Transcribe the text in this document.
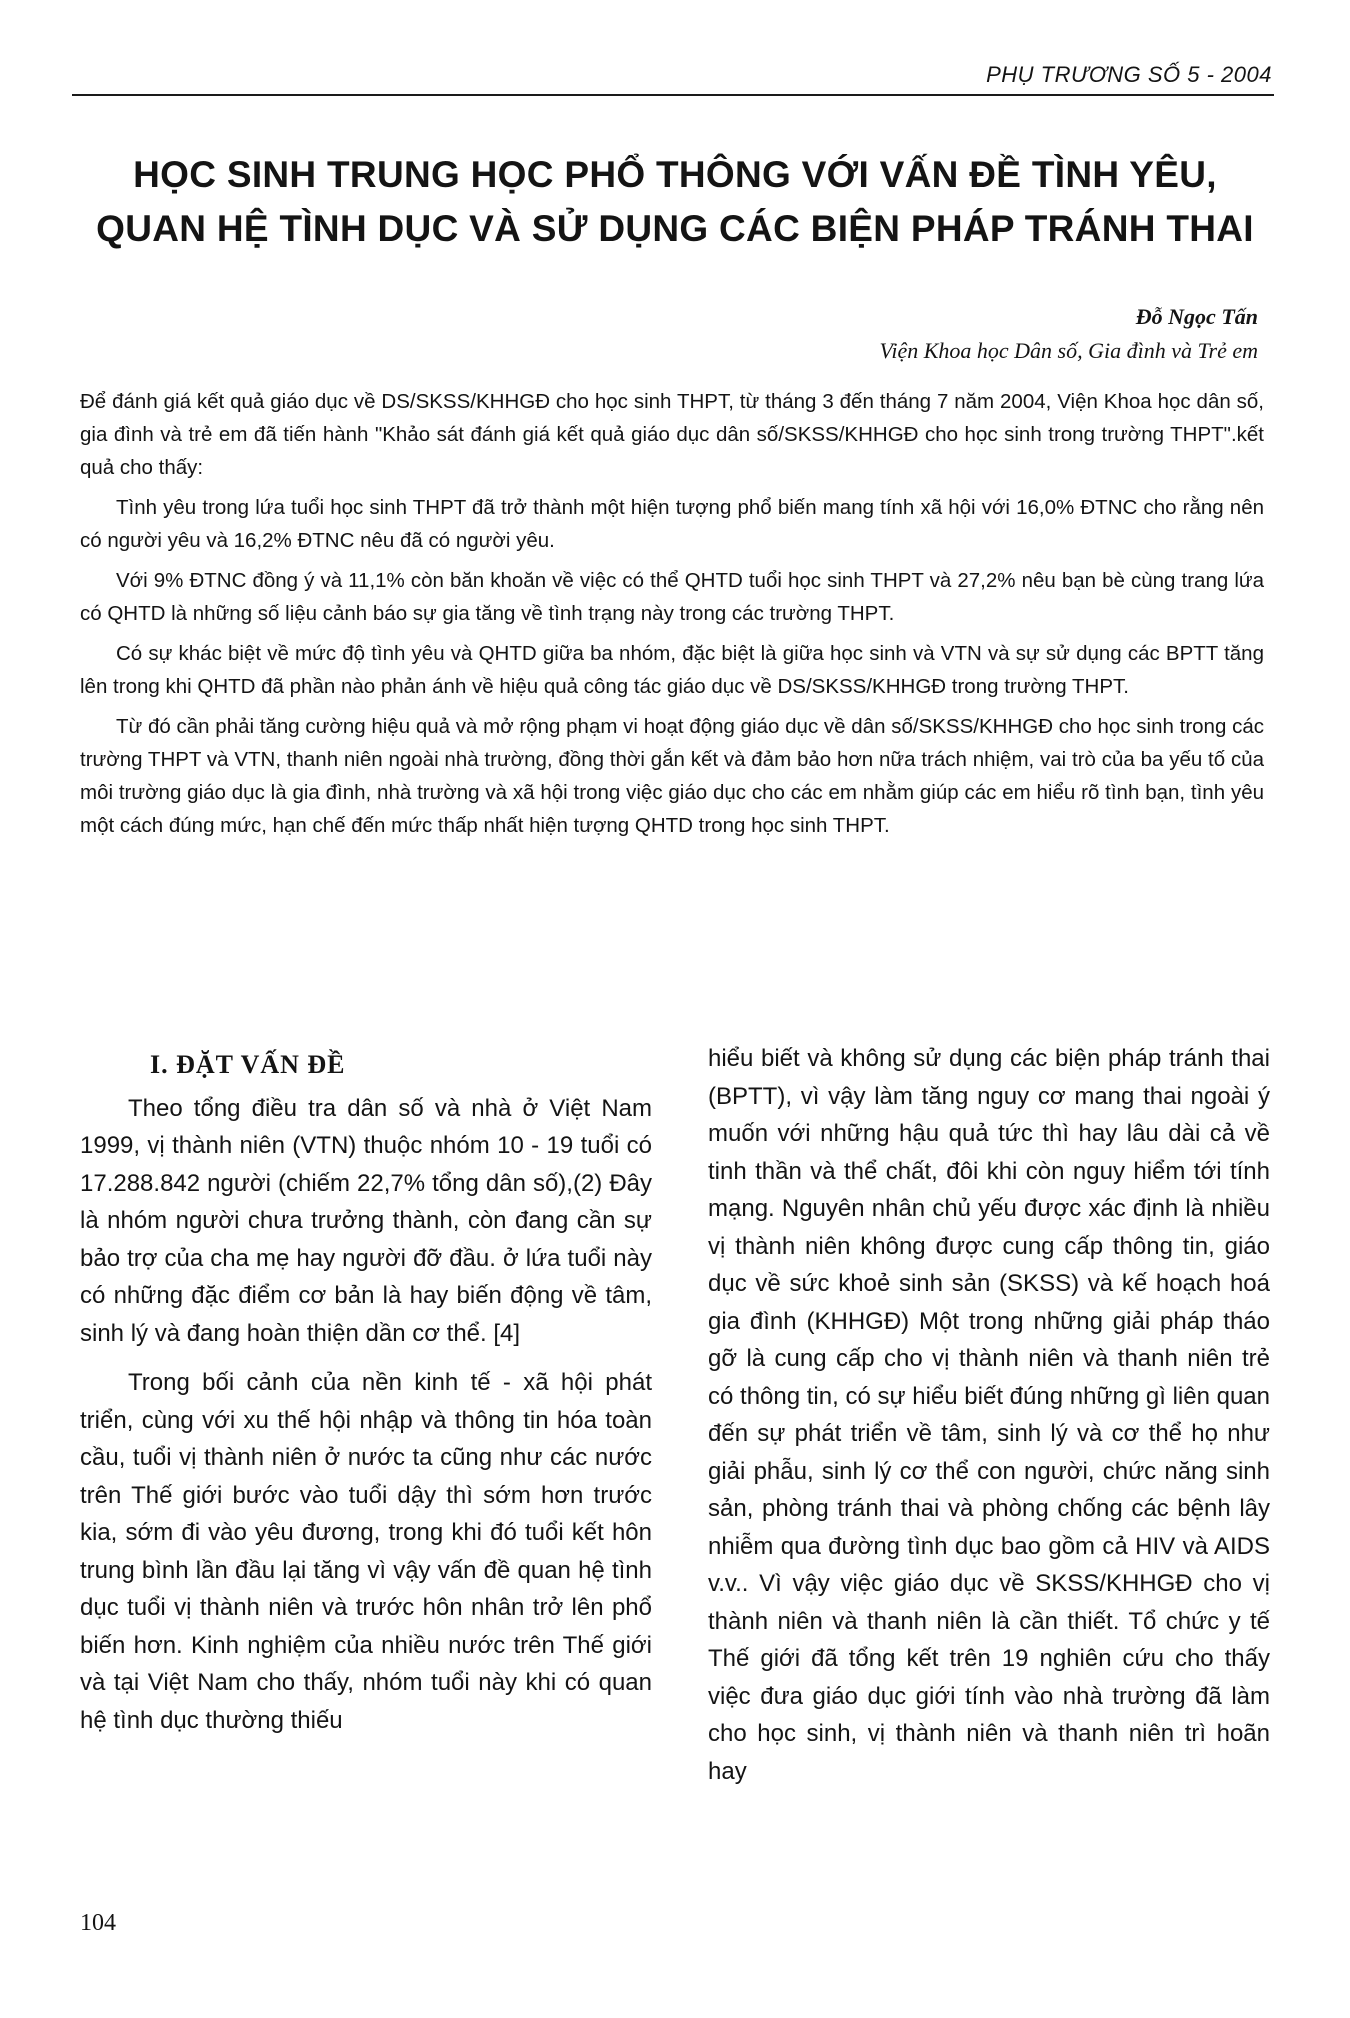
PHỤ TRƯƠNG SỐ 5 - 2004
HỌC SINH TRUNG HỌC PHỔ THÔNG VỚI VẤN ĐỀ TÌNH YÊU, QUAN HỆ TÌNH DỤC VÀ SỬ DỤNG CÁC BIỆN PHÁP TRÁNH THAI
Đỗ Ngọc Tấn
Viện Khoa học Dân số, Gia đình và Trẻ em

Để đánh giá kết quả giáo dục về DS/SKSS/KHHGĐ cho học sinh THPT, từ tháng 3 đến tháng 7 năm 2004, Viện Khoa học dân số, gia đình và trẻ em đã tiến hành "Khảo sát đánh giá kết quả giáo dục dân số/SKSS/KHHGĐ cho học sinh trong trường THPT".kết quả cho thấy:

Tình yêu trong lứa tuổi học sinh THPT đã trở thành một hiện tượng phổ biến mang tính xã hội với 16,0% ĐTNC cho rằng nên có người yêu và 16,2% ĐTNC nêu đã có người yêu.

Với 9% ĐTNC đồng ý và 11,1% còn băn khoăn về việc có thể QHTD tuổi học sinh THPT và 27,2% nêu bạn bè cùng trang lứa có QHTD là những số liệu cảnh báo sự gia tăng về tình trạng này trong các trường THPT.

Có sự khác biệt về mức độ tình yêu và QHTD giữa ba nhóm, đặc biệt là giữa học sinh và VTN và sự sử dụng các BPTT tăng lên trong khi QHTD đã phần nào phản ánh về hiệu quả công tác giáo dục về DS/SKSS/KHHGĐ trong trường THPT.

Từ đó cần phải tăng cường hiệu quả và mở rộng phạm vi hoạt động giáo dục về dân số/SKSS/KHHGĐ cho học sinh trong các trường THPT và VTN, thanh niên ngoài nhà trường, đồng thời gắn kết và đảm bảo hơn nữa trách nhiệm, vai trò của ba yếu tố của môi trường giáo dục là gia đình, nhà trường và xã hội trong việc giáo dục cho các em nhằm giúp các em hiểu rõ tình bạn, tình yêu một cách đúng mức, hạn chế đến mức thấp nhất hiện tượng QHTD trong học sinh THPT.

I. ĐẶT VẤN ĐỀ

Theo tổng điều tra dân số và nhà ở Việt Nam 1999, vị thành niên (VTN) thuộc nhóm 10 - 19 tuổi có 17.288.842 người (chiếm 22,7% tổng dân số),(2) Đây là nhóm người chưa trưởng thành, còn đang cần sự bảo trợ của cha mẹ hay người đỡ đầu. ở lứa tuổi này có những đặc điểm cơ bản là hay biến động về tâm, sinh lý và đang hoàn thiện dần cơ thể. [4]

Trong bối cảnh của nền kinh tế - xã hội phát triển, cùng với xu thế hội nhập và thông tin hóa toàn cầu, tuổi vị thành niên ở nước ta cũng như các nước trên Thế giới bước vào tuổi dậy thì sớm hơn trước kia, sớm đi vào yêu đương, trong khi đó tuổi kết hôn trung bình lần đầu lại tăng vì vậy vấn đề quan hệ tình dục tuổi vị thành niên và trước hôn nhân trở lên phổ biến hơn. Kinh nghiệm của nhiều nước trên Thế giới và tại Việt Nam cho thấy, nhóm tuổi này khi có quan hệ tình dục thường thiếu

hiểu biết và không sử dụng các biện pháp tránh thai (BPTT), vì vậy làm tăng nguy cơ mang thai ngoài ý muốn với những hậu quả tức thì hay lâu dài cả về tinh thần và thể chất, đôi khi còn nguy hiểm tới tính mạng. Nguyên nhân chủ yếu được xác định là nhiều vị thành niên không được cung cấp thông tin, giáo dục về sức khoẻ sinh sản (SKSS) và kế hoạch hoá gia đình (KHHGĐ) Một trong những giải pháp tháo gỡ là cung cấp cho vị thành niên và thanh niên trẻ có thông tin, có sự hiểu biết đúng những gì liên quan đến sự phát triển về tâm, sinh lý và cơ thể họ như giải phẫu, sinh lý cơ thể con người, chức năng sinh sản, phòng tránh thai và phòng chống các bệnh lây nhiễm qua đường tình dục bao gồm cả HIV và AIDS v.v.. Vì vậy việc giáo dục về SKSS/KHHGĐ cho vị thành niên và thanh niên là cần thiết. Tổ chức y tế Thế giới đã tổng kết trên 19 nghiên cứu cho thấy việc đưa giáo dục giới tính vào nhà trường đã làm cho học sinh, vị thành niên và thanh niên trì hoãn hay

104
